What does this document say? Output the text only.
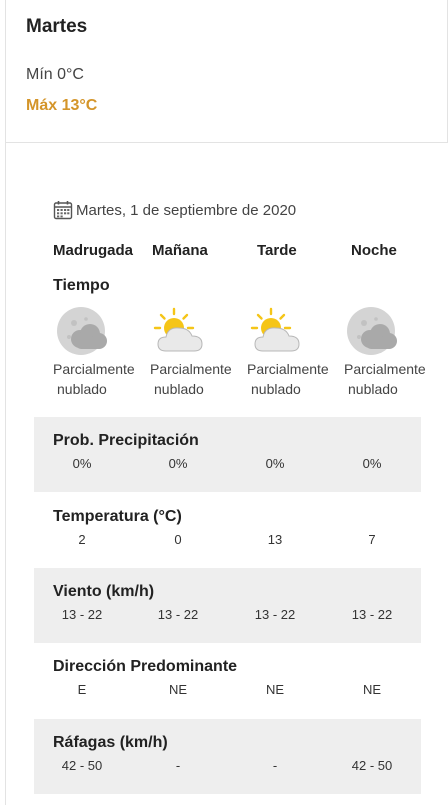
Martes
Mín 0°C
Máx 13°C
Martes, 1 de septiembre de 2020
Madrugada Mañana	Tarde	Noche
Tiempo
Parcialmente
nublado
Parcialmente
nublado
Parcialmente
nublado
Parcialmente
nublado
Prob. Precipitación
0%	0%	0%	0%
Temperatura (°C)
2	0	13	7
Viento (km/h)
13 - 22	13 - 22	13 - 22	13 - 22
Dirección Predominante
E	NE	NE	NE
Ráfagas (km/h)
42 - 50	-	-	42 - 50
